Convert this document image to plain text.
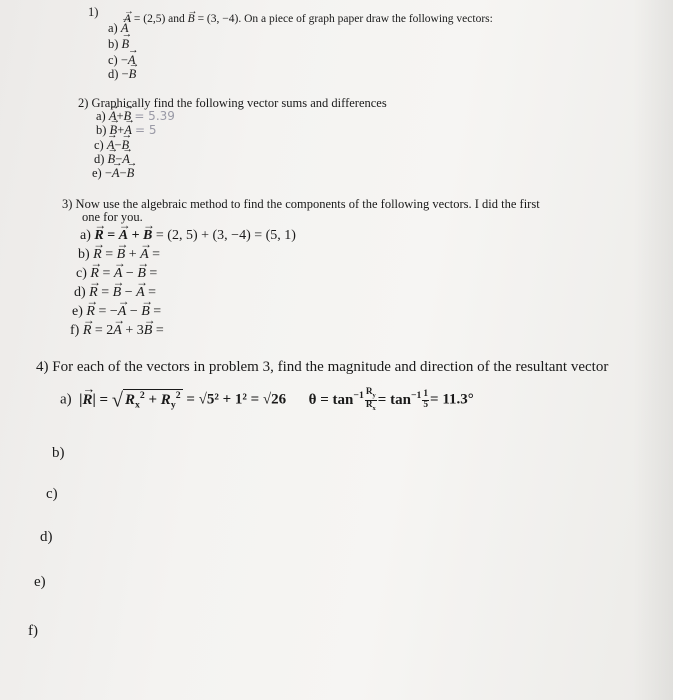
1) → A = (2,5) and → B = (3, −4). On a piece of graph paper draw the following vectors:
a) → A
b) → B
c) −→ A
d) −→ B
2) Graphically find the following vector sums and differences
a) → A+→ B = 5.39
b) → B+→ A = 5
c) → A−→ B
d) → B−→ A
e) −→ A−→ B
3) Now use the algebraic method to find the components of the following vectors. I did the first
one for you.
a) → R = → A + → B = (2, 5) + (3, −4) = (5, 1)
b) → R = → B + → A =
c) → R = → A − → B =
d) → R = → B − → A =
e) → R = −→ A − → B =
f) → R = 2→ A + 3→ B =
4) For each of the vectors in problem 3, find the magnitude and direction of the resultant vector
a) |→ R| = √ $R_x^2 + R_y^2 = √5^2 + 1^2 = √26$ $\theta = \tan^{-1} \frac{R_y}{R_x} = \tan^{-1} \frac{1}{5} = 11.3^\circ$
b)
c)
d)
e)
f)
